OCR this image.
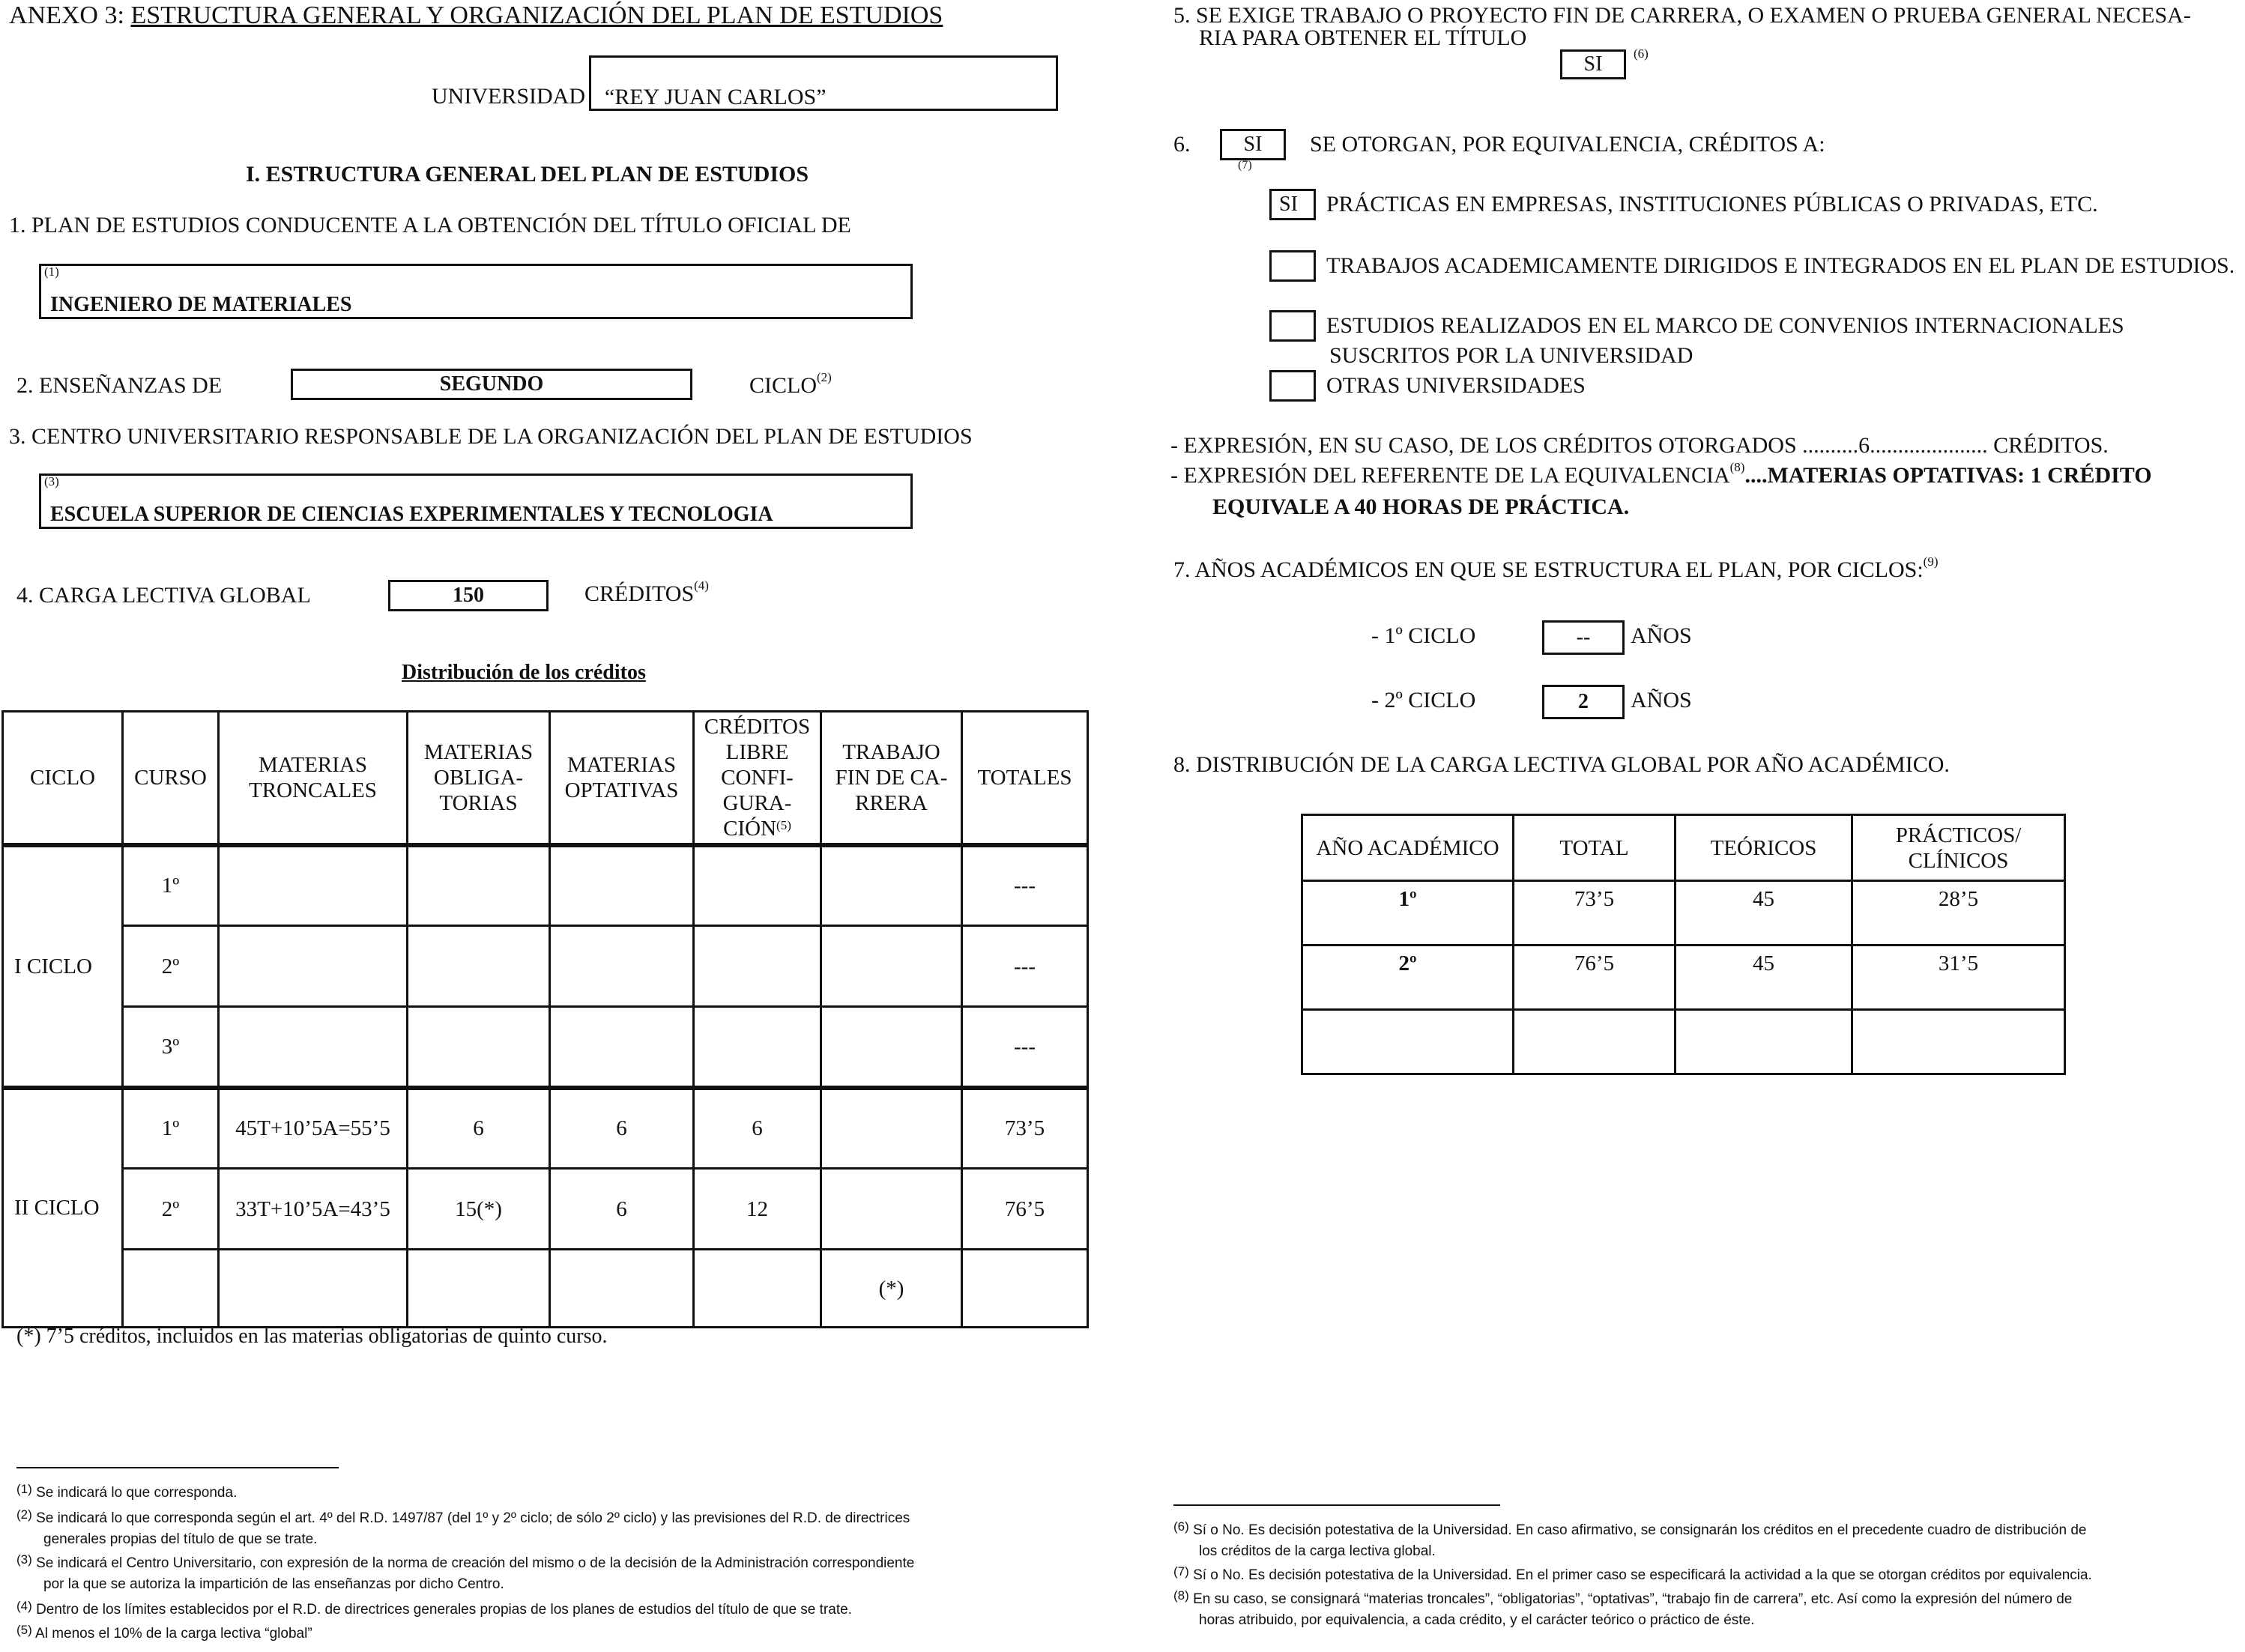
ANEXO 3: ESTRUCTURA GENERAL Y ORGANIZACIÓN DEL PLAN DE ESTUDIOS
UNIVERSIDAD “REY JUAN CARLOS”
I. ESTRUCTURA GENERAL DEL PLAN DE ESTUDIOS
1. PLAN DE ESTUDIOS CONDUCENTE A LA OBTENCIÓN DEL TÍTULO OFICIAL DE
(1)
INGENIERO DE MATERIALES
2. ENSEÑANZAS DE	SEGUNDO	CICLO$^{(2)}$
3. CENTRO UNIVERSITARIO RESPONSABLE DE LA ORGANIZACIÓN DEL PLAN DE ESTUDIOS
(3)
ESCUELA SUPERIOR DE CIENCIAS EXPERIMENTALES Y TECNOLOGIA
4. CARGA LECTIVA GLOBAL	150	CRÉDITOS$^{(4)}$
Distribución de los créditos
CICLO	CURSO	MATERIAS TRONCALES	MATERIAS OBLIGA-TORIAS	MATERIAS OPTATIVAS	CRÉDITOS LIBRE CONFI-GURA-CIÓN$^{(5)}$	TRABAJO FIN DE CA-RRERA	TOTALES
I CICLO	1º						---
	2º						---
	3º						---
II CICLO	1º	45T+10’5A=55’5	6	6	6		73’5
	2º	33T+10’5A=43’5	15(*)	6	12		76’5
						(*)	
(*) 7’5 créditos, incluidos en las materias obligatorias de quinto curso.
$^{(1)}$ Se indicará lo que corresponda.
$^{(2)}$ Se indicará lo que corresponda según el art. 4º del R.D. 1497/87 (del 1º y 2º ciclo; de sólo 2º ciclo) y las previsiones del R.D. de directrices
generales propias del título de que se trate.
$^{(3)}$ Se indicará el Centro Universitario, con expresión de la norma de creación del mismo o de la decisión de la Administración correspondiente
por la que se autoriza la impartición de las enseñanzas por dicho Centro.
$^{(4)}$ Dentro de los límites establecidos por el R.D. de directrices generales propias de los planes de estudios del título de que se trate.
$^{(5)}$ Al menos el 10% de la carga lectiva “global”
5. SE EXIGE TRABAJO O PROYECTO FIN DE CARRERA, O EXAMEN O PRUEBA GENERAL NECESA-
RIA PARA OBTENER EL TÍTULO
SI	(6)
6.	SI
(7)
SE OTORGAN, POR EQUIVALENCIA, CRÉDITOS A:
SI PRÁCTICAS EN EMPRESAS, INSTITUCIONES PÚBLICAS O PRIVADAS, ETC.
TRABAJOS ACADEMICAMENTE DIRIGIDOS E INTEGRADOS EN EL PLAN DE ESTUDIOS.
ESTUDIOS REALIZADOS EN EL MARCO DE CONVENIOS INTERNACIONALES
SUSCRITOS POR LA UNIVERSIDAD
OTRAS UNIVERSIDADES
- EXPRESIÓN, EN SU CASO, DE LOS CRÉDITOS OTORGADOS ..........6..................... CRÉDITOS.
- EXPRESIÓN DEL REFERENTE DE LA EQUIVALENCIA$^{(8)}$....MATERIAS OPTATIVAS: 1 CRÉDITO
EQUIVALE A 40 HORAS DE PRÁCTICA.
7. AÑOS ACADÉMICOS EN QUE SE ESTRUCTURA EL PLAN, POR CICLOS:$^{(9)}$
- 1º CICLO	--	AÑOS
- 2º CICLO	2	AÑOS
8. DISTRIBUCIÓN DE LA CARGA LECTIVA GLOBAL POR AÑO ACADÉMICO.
AÑO ACADÉMICO	TOTAL	TEÓRICOS	PRÁCTICOS/ CLÍNICOS
1º	73’5	45	28’5
2º	76’5	45	31’5

$^{(6)}$ Sí o No. Es decisión potestativa de la Universidad. En caso afirmativo, se consignarán los créditos en el precedente cuadro de distribución de
los créditos de la carga lectiva global.
$^{(7)}$ Sí o No. Es decisión potestativa de la Universidad. En el primer caso se especificará la actividad a la que se otorgan créditos por equivalencia.
$^{(8)}$ En su caso, se consignará “materias troncales”, “obligatorias”, “optativas”, “trabajo fin de carrera”, etc. Así como la expresión del número de
horas atribuido, por equivalencia, a cada crédito, y el carácter teórico o práctico de éste.
